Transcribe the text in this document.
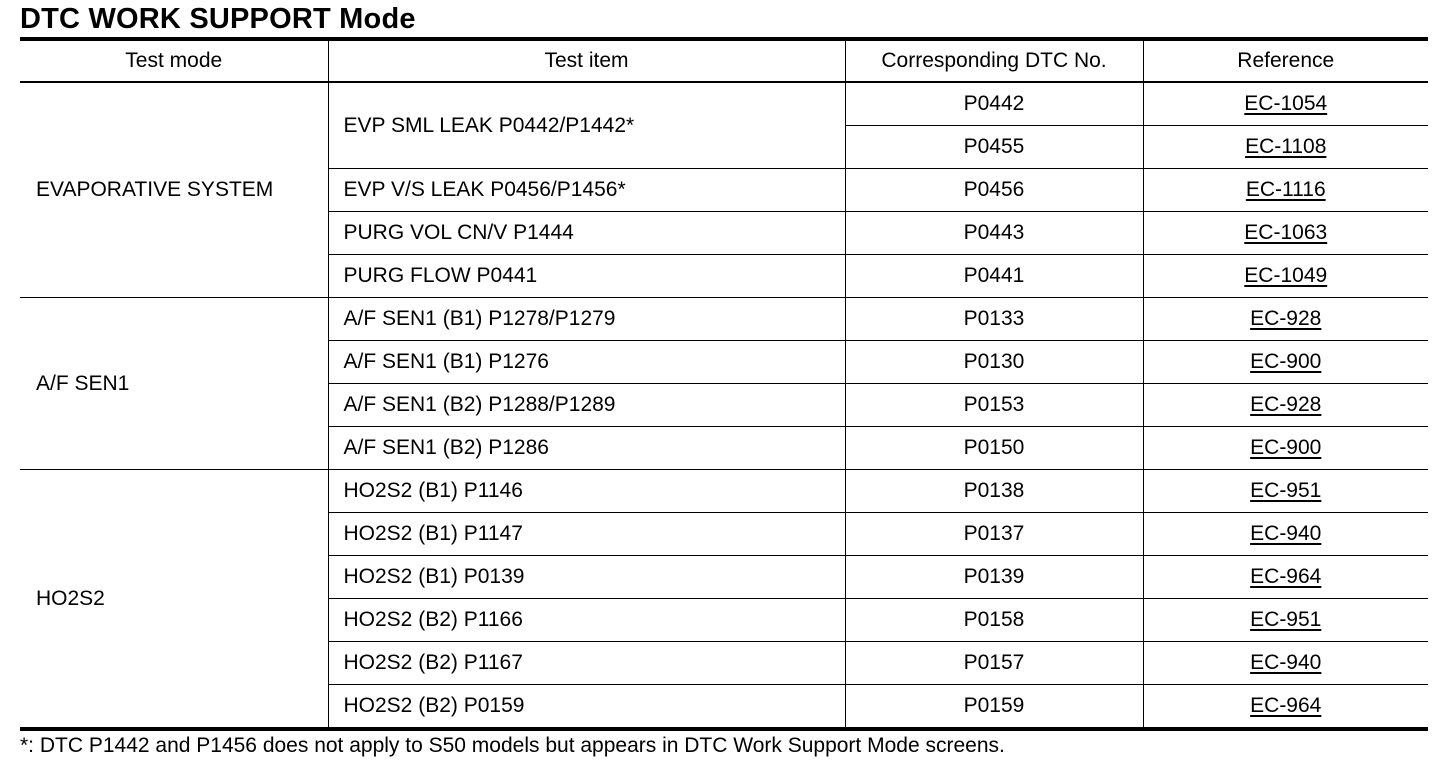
DTC WORK SUPPORT Mode
Test mode	Test item	Corresponding DTC No.	Reference
EVAPORATIVE SYSTEM	EVP SML LEAK P0442/P1442*	P0442	EC-1054
		P0455	EC-1108
	EVP V/S LEAK P0456/P1456*	P0456	EC-1116
	PURG VOL CN/V P1444	P0443	EC-1063
	PURG FLOW P0441	P0441	EC-1049
A/F SEN1	A/F SEN1 (B1) P1278/P1279	P0133	EC-928
	A/F SEN1 (B1) P1276	P0130	EC-900
	A/F SEN1 (B2) P1288/P1289	P0153	EC-928
	A/F SEN1 (B2) P1286	P0150	EC-900
HO2S2	HO2S2 (B1) P1146	P0138	EC-951
	HO2S2 (B1) P1147	P0137	EC-940
	HO2S2 (B1) P0139	P0139	EC-964
	HO2S2 (B2) P1166	P0158	EC-951
	HO2S2 (B2) P1167	P0157	EC-940
	HO2S2 (B2) P0159	P0159	EC-964
*: DTC P1442 and P1456 does not apply to S50 models but appears in DTC Work Support Mode screens.
